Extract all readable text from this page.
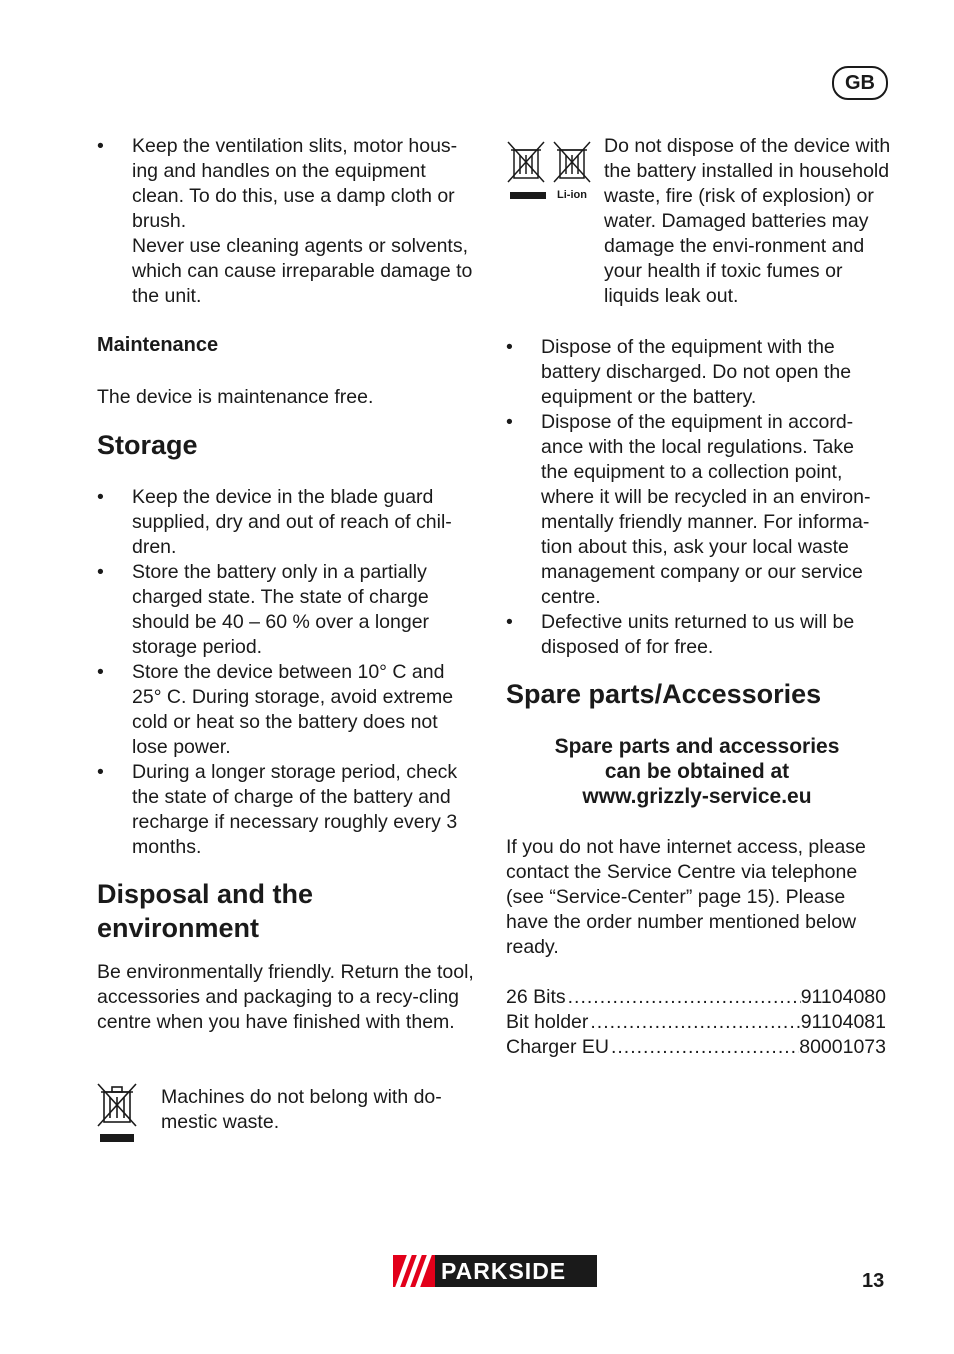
GB
• Keep the ventilation slits, motor hous-ing and handles on the equipment clean. To do this, use a damp cloth or brush.
Never use cleaning agents or solvents, which can cause irreparable damage to the unit.
Maintenance
The device is maintenance free.
Storage
• Keep the device in the blade guard supplied, dry and out of reach of chil-dren.
• Store the battery only in a partially charged state. The state of charge should be 40 – 60 % over a longer storage period.
• Store the device between 10° C and 25° C. During storage, avoid extreme cold or heat so the battery does not lose power.
• During a longer storage period, check the state of charge of the battery and recharge if necessary roughly every 3 months.
Disposal and the environment
Be environmentally friendly. Return the tool, accessories and packaging to a recy-cling centre when you have finished with them.
Machines do not belong with do-mestic waste.
Li-ion
Do not dispose of the device with the battery installed in household waste, fire (risk of explosion) or water. Damaged batteries may damage the envi-ronment and your health if toxic fumes or liquids leak out.
• Dispose of the equipment with the battery discharged. Do not open the equipment or the battery.
• Dispose of the equipment in accord-ance with the local regulations. Take the equipment to a collection point, where it will be recycled in an environ-mentally friendly manner. For informa-tion about this, ask your local waste management company or our service centre.
• Defective units returned to us will be disposed of for free.
Spare parts/Accessories
Spare parts and accessories
can be obtained at
www.grizzly-service.eu
If you do not have internet access, please contact the Service Centre via telephone (see “Service-Center” page 15). Please have the order number mentioned below ready.
26 Bits .....	91104080
Bit holder .....	91104081
Charger EU .....	80001073
PARKSIDE	13
